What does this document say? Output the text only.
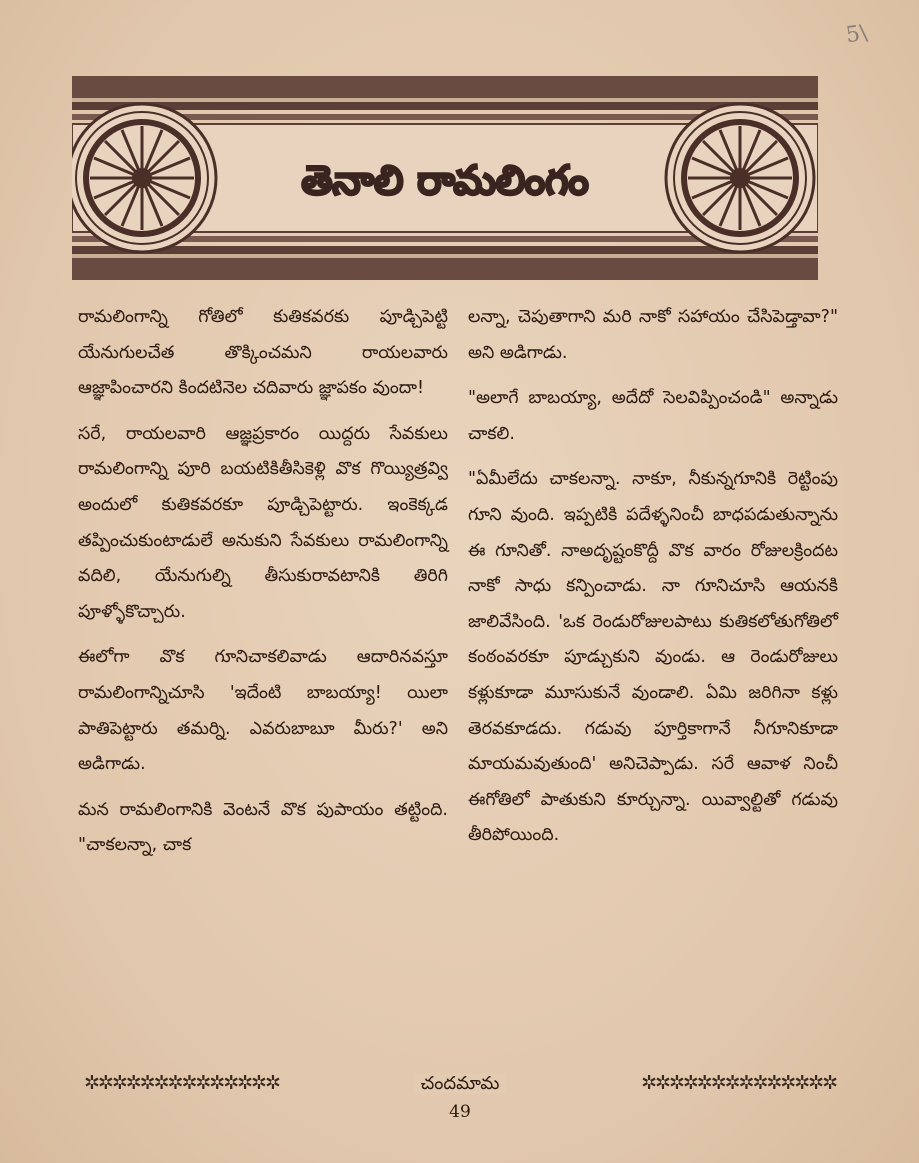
5\
తెనాలి రామలింగం

రామలింగాన్ని గోతిలో కుతికవరకు పూడ్చిపెట్టి యేనుగులచేత తొక్కించమని రాయలవారు ఆజ్ఞాపించారని కిందటినెల చదివారు జ్ఞాపకం వుందా!

సరే, రాయలవారి ఆజ్ఞప్రకారం యిద్దరు సేవకులు రామలింగాన్ని పూరి బయటికితీసికెళ్లి వొక గొయ్యిత్రవ్వి అందులో కుతికవరకూ పూడ్చిపెట్టారు. ఇంకెక్కడ తప్పించుకుంటాడులే అనుకుని సేవకులు రామలింగాన్ని వదిలి, యేనుగుల్ని తీసుకురావటానికి తిరిగి పూళ్ళోకొచ్చారు.

ఈలోగా వొక గూనిచాకలివాడు ఆదారినవస్తూ రామలింగాన్నిచూసి 'ఇదేంటి బాబయ్యా! యిలా పాతిపెట్టారు తమర్ని. ఎవరుబాబూ మీరు?' అని అడిగాడు.

మన రామలింగానికి వెంటనే వొక పుపాయం తట్టింది. "చాకలన్నా, చాక

లన్నా, చెపుతాగాని మరి నాకో సహాయం చేసిపెడ్తావా?" అని అడిగాడు.

"అలాగే బాబయ్యా, అదేదో సెలవిప్పించండి" అన్నాడు చాకలి.

"ఏమీలేదు చాకలన్నా. నాకూ, నీకున్నగూనికి రెట్టింపు గూని వుంది. ఇప్పటికి పదేళ్ళనించీ బాధపడుతున్నాను ఈ గూనితో. నాఅదృష్టంకొద్దీ వొక వారం రోజులక్రిందట నాకో సాధు కన్పించాడు. నా గూనిచూసి ఆయనకి జాలివేసింది. 'ఒక రెండురోజులపాటు కుతికలోతుగోతిలో కంఠంవరకూ పూడ్చుకుని వుండు. ఆ రెండురోజులు కళ్లుకూడా మూసుకునే వుండాలి. ఏమి జరిగినా కళ్లు తెరవకూడదు. గడువు పూర్తికాగానే నీగూనికూడా మాయమవుతుంది' అనిచెప్పాడు. సరే ఆవాళ నించీ ఈగోతిలో పాతుకుని కూర్చున్నా. యివ్వాల్టితో గడువు తీరిపోయింది.

✲✲✲✲✲✲✲✲✲✲✲✲✲✲	చందమామ	✲✲✲✲✲✲✲✲✲✲✲✲✲✲
49
